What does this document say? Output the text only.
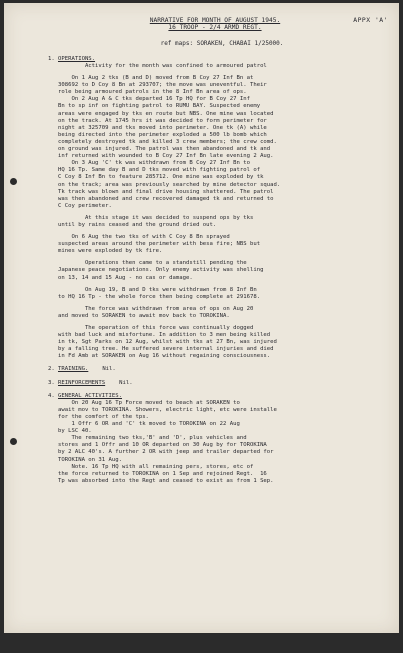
APPX 'A'
NARRATIVE FOR MONTH OF AUGUST 1945.
16 TROOP - 2/4 ARMD REGT.
ref maps: SORAKEN, CHABAI 1/25000.
1. OPERATIONS.

Activity for the month was confined to armoured patrol

On 1 Aug 2 tks (B and D) moved from B Coy 27 Inf Bn at
308692 to D Coy 8 Bn at 293707; the move was uneventful. Their
role being armoured patrols in the 8 Inf Bn area of ops.
On 2 Aug A & C tks departed 16 Tp HQ for B Coy 27 Inf
Bn to sp inf on fighting patrol to RUMU BAY. Suspected enemy
areas were engaged by tks en route but NBS. One mine was located
on the track. At 1745 hrs it was decided to form perimeter for
night at 325709 and tks moved into perimeter. One tk (A) while
being directed into the perimeter exploded a 500 lb bomb which
completely destroyed tk and killed 3 crew members; the crew comd.
on ground was injured. The patrol was then abandoned and tk and
inf returned with wounded to B Coy 27 Inf Bn late evening 2 Aug.
On 3 Aug 'C' tk was withdrawn from B Coy 27 Inf Bn to
HQ 16 Tp. Same day B and D tks moved with fighting patrol of
C Coy 8 Inf Bn to feature 285712. One mine was exploded by tk
on the track; area was previously searched by mine detector squad.
Tk track was blown and final drive housing shattered. The patrol
was then abandoned and crew recovered damaged tk and returned to
C Coy perimeter.

At this stage it was decided to suspend ops by tks
until by rains ceased and the ground dried out.

On 6 Aug the two tks of with C Coy 8 Bn sprayed
suspected areas around the perimeter with besa fire; NBS but
mines were exploded by tk fire.

Operations then came to a standstill pending the
Japanese peace negotiations. Only enemy activity was shelling
on 13, 14 and 15 Aug - no cas or damage.

On Aug 19, B and D tks were withdrawn from 8 Inf Bn
to HQ 16 Tp - the whole force then being complete at 291678.

The force was withdrawn from area of ops on Aug 20
and moved to SORAKEN to await mov back to TOROKINA.

The operation of this force was continually dogged
with bad luck and misfortune. In addition to 3 men being killed
in tk, Sgt Parks on 12 Aug, whilst with tks at 27 Bn, was injured
by a falling tree. He suffered severe internal injuries and died
in Fd Amb at SORAKEN on Aug 16 without regaining consciousness.

2. TRAINING.	Nil.
3. REINFORCEMENTS	Nil.
4. GENERAL ACTIVITIES.

On 20 Aug 16 Tp Force moved to beach at SORAKEN to
await mov to TOROKINA. Showers, electric light, etc were installe
for the comfort of the tps.
1 Offr 6 OR and 'C' tk moved to TOROKINA on 22 Aug
by LSC 40.
The remaining two tks,'B' and 'D', plus vehicles and
stores and 1 Offr and 10 OR departed on 30 Aug by for TOROKINA
by 2 ALC 40's. A further 2 OR with jeep and trailer departed for
TOROKINA on 31 Aug.
Note. 16 Tp HQ with all remaining pers, stores, etc of
the force returned to TOROKINA on 1 Sep and rejoined Regt.  16
Tp was absorbed into the Regt and ceased to exist as from 1 Sep.
